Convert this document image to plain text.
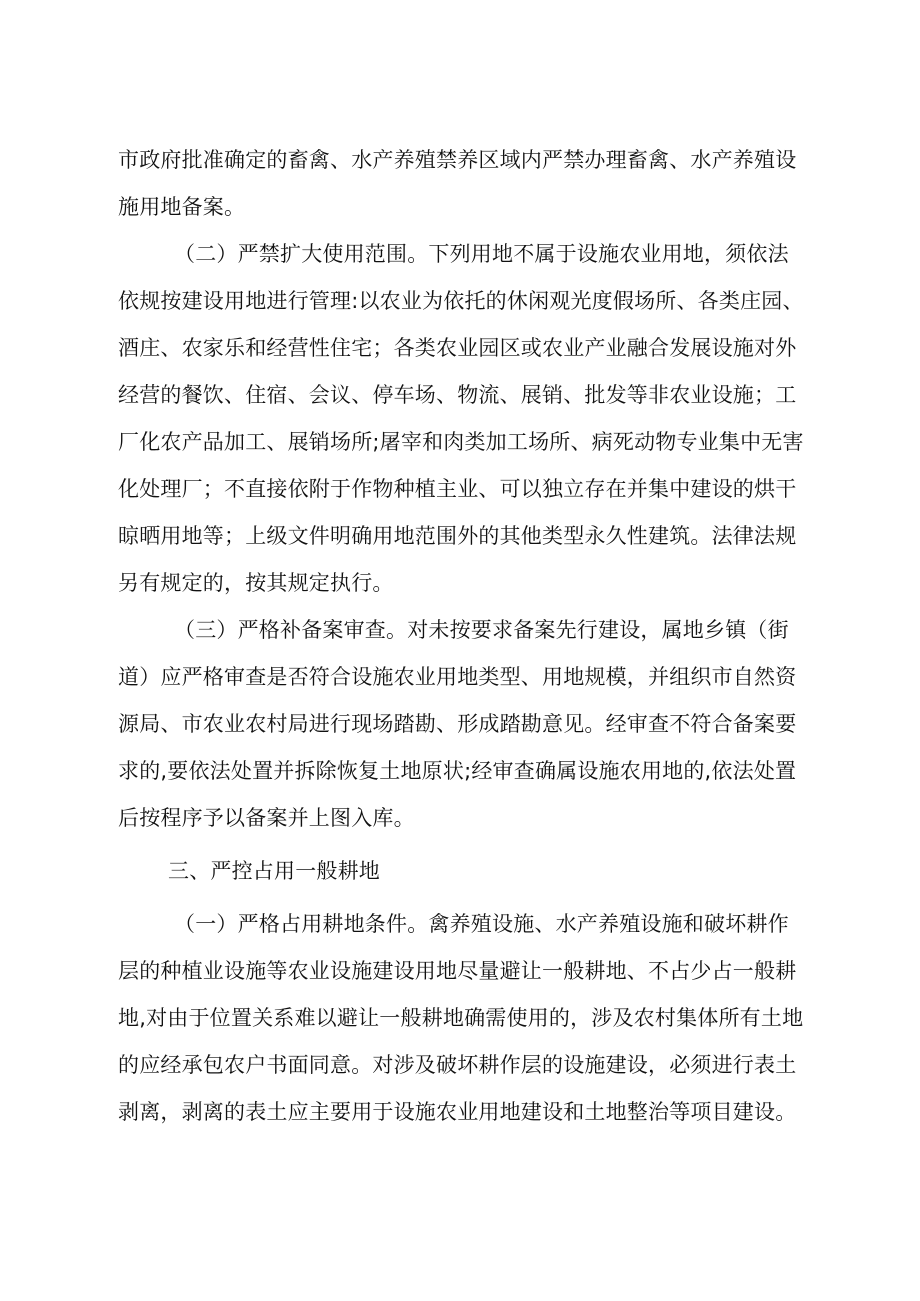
市政府批准确定的畜禽、水产养殖禁养区域内严禁办理畜禽、水产养殖设
施用地备案。
（二）严禁扩大使用范围。下列用地不属于设施农业用地，须依法
依规按建设用地进行管理:以农业为依托的休闲观光度假场所、各类庄园、
酒庄、农家乐和经营性住宅；各类农业园区或农业产业融合发展设施对外
经营的餐饮、住宿、会议、停车场、物流、展销、批发等非农业设施；工
厂化农产品加工、展销场所;屠宰和肉类加工场所、病死动物专业集中无害
化处理厂；不直接依附于作物种植主业、可以独立存在并集中建设的烘干
晾晒用地等；上级文件明确用地范围外的其他类型永久性建筑。法律法规
另有规定的，按其规定执行。
（三）严格补备案审查。对未按要求备案先行建设，属地乡镇（街
道）应严格审查是否符合设施农业用地类型、用地规模，并组织市自然资
源局、市农业农村局进行现场踏勘、形成踏勘意见。经审查不符合备案要
求的,要依法处置并拆除恢复土地原状;经审查确属设施农用地的,依法处置
后按程序予以备案并上图入库。
三、严控占用一般耕地
（一）严格占用耕地条件。禽养殖设施、水产养殖设施和破坏耕作
层的种植业设施等农业设施建设用地尽量避让一般耕地、不占少占一般耕
地,对由于位置关系难以避让一般耕地确需使用的，涉及农村集体所有土地
的应经承包农户书面同意。对涉及破坏耕作层的设施建设，必须进行表土
剥离，剥离的表土应主要用于设施农业用地建设和土地整治等项目建设。
